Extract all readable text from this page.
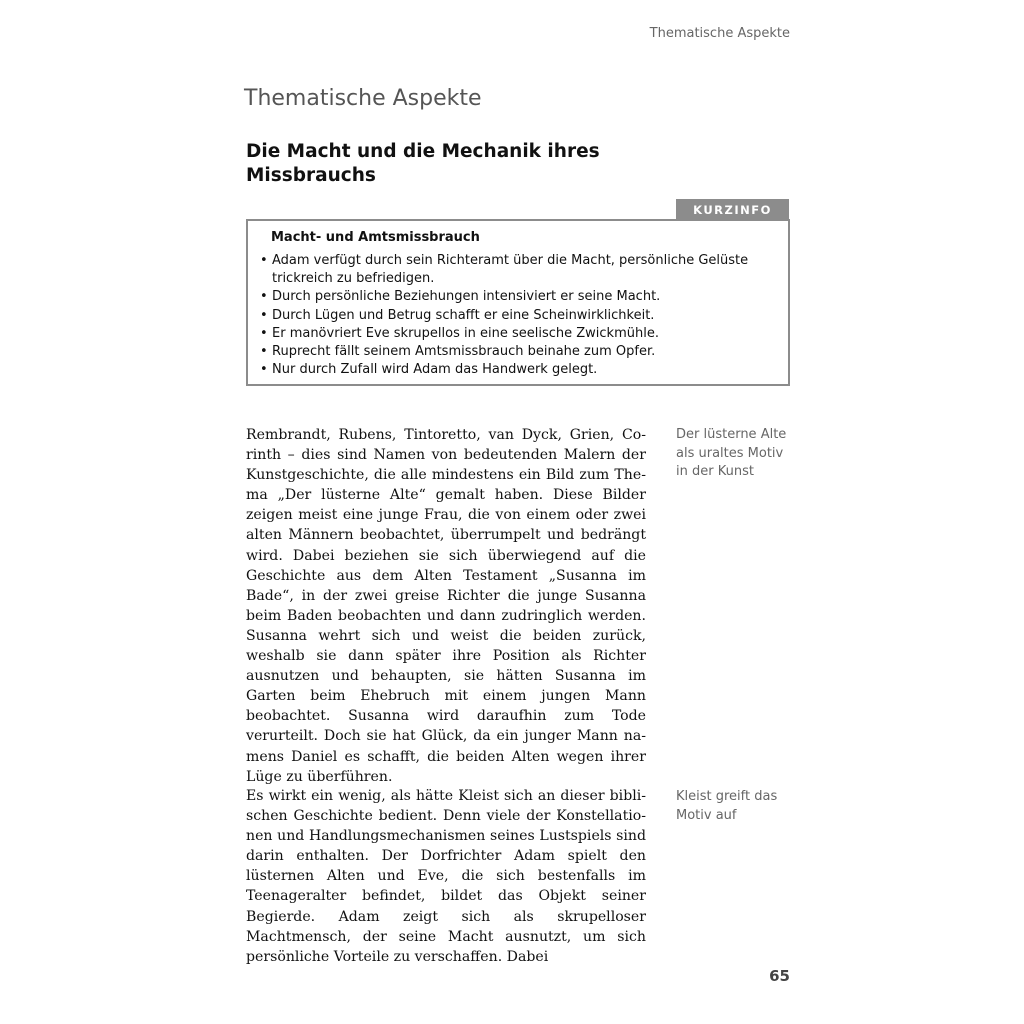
Thematische Aspekte
Thematische Aspekte
Die Macht und die Mechanik ihres Missbrauchs
KURZINFO
Macht- und Amtsmissbrauch
• Adam verfügt durch sein Richteramt über die Macht, persönliche Gelüste trickreich zu befriedigen.
• Durch persönliche Beziehungen intensiviert er seine Macht.
• Durch Lügen und Betrug schafft er eine Scheinwirklichkeit.
• Er manövriert Eve skrupellos in eine seelische Zwickmühle.
• Ruprecht fällt seinem Amtsmissbrauch beinahe zum Opfer.
• Nur durch Zufall wird Adam das Handwerk gelegt.

Rembrandt, Rubens, Tintoretto, van Dyck, Grien, Corinth – dies sind Namen von bedeutenden Malern der Kunstgeschichte, die alle mindestens ein Bild zum Thema „Der lüsterne Alte“ gemalt haben. Diese Bilder zeigen meist eine junge Frau, die von einem oder zwei alten Männern beobachtet, überrumpelt und bedrängt wird. Dabei beziehen sie sich überwiegend auf die Geschichte aus dem Alten Testament „Susanna im Bade“, in der zwei greise Richter die junge Susanna beim Baden beobachten und dann zudringlich werden. Susanna wehrt sich und weist die beiden zurück, weshalb sie dann später ihre Position als Richter ausnutzen und behaupten, sie hätten Susanna im Garten beim Ehebruch mit einem jungen Mann beobachtet. Susanna wird daraufhin zum Tode verurteilt. Doch sie hat Glück, da ein junger Mann namens Daniel es schafft, die beiden Alten wegen ihrer Lüge zu überführen.

Der lüsterne Alte als uraltes Motiv in der Kunst

Es wirkt ein wenig, als hätte Kleist sich an dieser biblischen Geschichte bedient. Denn viele der Konstellationen und Handlungsmechanismen seines Lustspiels sind darin enthalten. Der Dorfrichter Adam spielt den lüsternen Alten und Eve, die sich bestenfalls im Teenageralter befindet, bildet das Objekt seiner Begierde. Adam zeigt sich als skrupelloser Machtmensch, der seine Macht ausnutzt, um sich persönliche Vorteile zu verschaffen. Dabei

Kleist greift das Motiv auf

65
